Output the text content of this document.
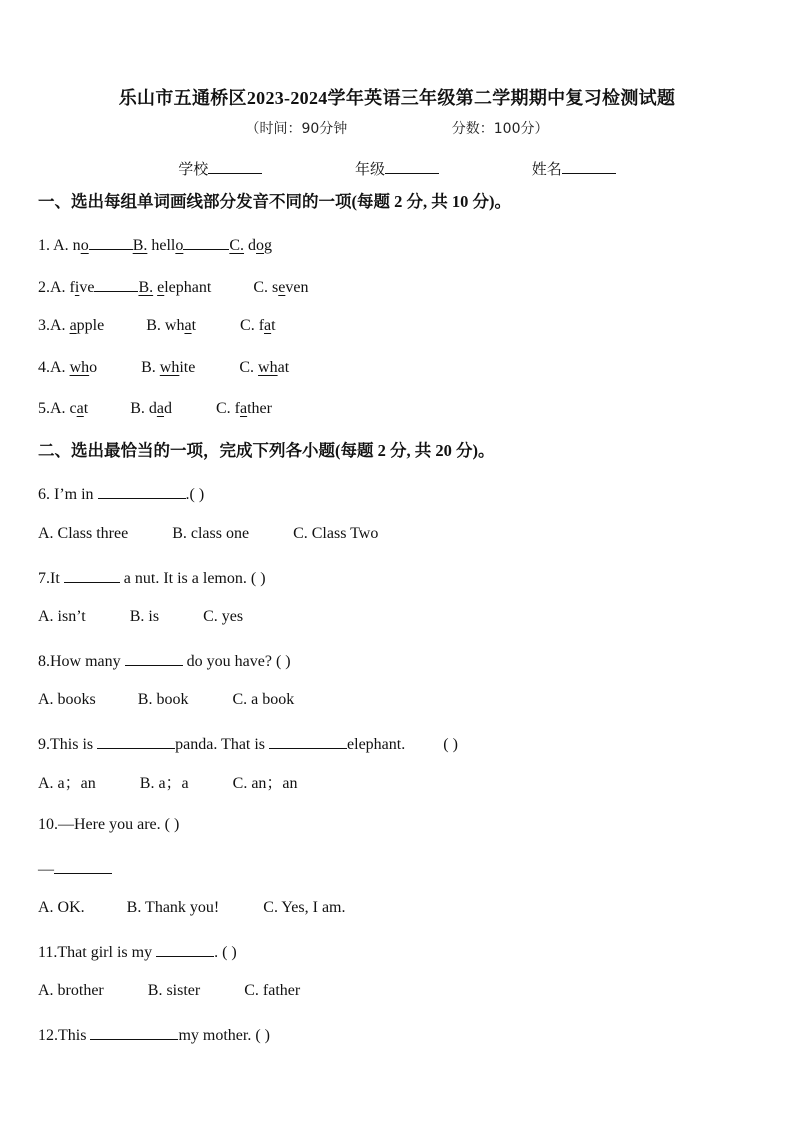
乐山市五通桥区2023-2024学年英语三年级第二学期期中复习检测试题
（时间：90分钟	分数：100分）
学校	年级	姓名
一、选出每组单词画线部分发音不同的一项(每题 2 分, 共 10 分)。
1. A. no	B. hello	C. dog
2.A. five	B. elephant	C. seven
3.A. apple	B. what	C. fat
4.A. who	B. white	C. what
5.A. cat	B. dad	C. father
二、选出最恰当的一项，完成下列各小题(每题 2 分, 共 20 分)。
6. I’m in	.( )
A. Class three	B. class one	C. Class Two
7.It	a nut. It is a lemon. ( )
A. isn’t	B. is	C. yes
8.How many	do you have? ( )
A. books	B. book	C. a book
9.This is	panda. That is	elephant. ( )
A. a；an	B. a；a	C. an；an
10.—Here you are. ( )
—
A. OK.	B. Thank you!	C. Yes, I am.
11.That girl is my	. ( )
A. brother	B. sister	C. father
12.This	my mother. ( )
